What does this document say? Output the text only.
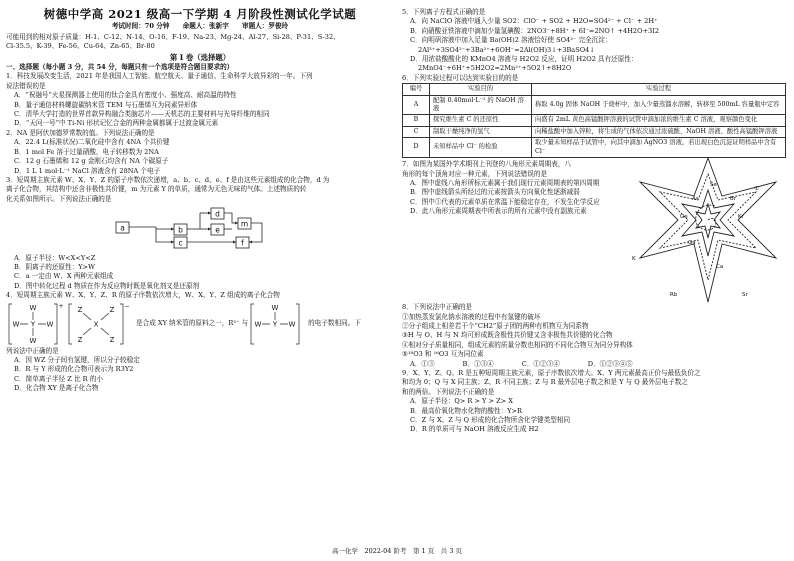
树德中学高 2021 级高一下学期 4 月阶段性测试化学试题
考试时间：70 分钟　　命题人：张新宇　　审题人：罗俊玲

可能用到的相对原子质量：H-1、C-12、N-14、O-16、F-19、Na-23、Mg-24、Al-27、Si-28、P-31、S-32、

Cl-35.5、K-39、Fe-56、Cu-64、Zn-65、Br-80

第 I 卷（选择题）

一、选择题（每小题 3 分，共 54 分，每题只有一个选项是符合题目要求的）

1．科技发展改变生活，2021 年是我国人工智能、航空航天、量子通信、生命科学大放异彩的一年。下列

说法错误的是

A．“祝融号”火星探测器上使用的钛合金具有密度小、强度高、耐高温的特性

B．量子通信材料螺旋碳纳米管 TEM 与石墨烯互为同素异形体

C．清华大学打造的世界首款异构融合类脑芯片——天机芯的主要材料与光导纤维的相同

D．“天问一号”中 Ti-Ni 形状记忆合金的两种金属都属于过渡金属元素

2．NA 是阿伏加德罗常数的值。下列说法正确的是

A．22.4 L(标准状况)二氧化硅中含有 4NA 个共价键

B．1 mol Fe 溶于过量硝酸，电子转移数为 2NA

C．12 g 石墨烯和 12 g 金刚石均含有 NA 个碳原子

D．1 L 1 mol·L⁻¹ NaCl 溶液含有 28NA 个电子

3．短周期主族元素 W、X、Y、Z 的原子序数依次递增，a、b、c、d、e、f 是由这些元素组成的化合物，d 为

离子化合物，其结构中还含非极性共价键，m 为元素 Y 的单质，通常为无色无味的气体。上述物质的转

化关系如图所示。下列说法正确的是

a	b
c
d
e
f
m

A．原子半径：W<X<Y<Z

B．阴离子的还原性：Y>W

C．a 一定由 W、X 两种元素组成

D．图中转化过程 d 物质在作为反应物时既是氧化剂又是还原剂

4．短周期主族元素 W、X、Y、Z、R 的原子序数依次增大，W、X、Y、Z 组成的离子化合物

W
W Y W
W
+ Z	Z
X
Z	Z
−
是合成 XY 纳米管的原料之一，R²⁻ 与
W
W Y W 的电子数相同。下

列说法中正确的是

A．因 WZ 分子间有氢键，所以分子较稳定

B．R 与 Y 形成的化合物可表示为 R3Y2

C．简单离子半径 Z 比 R 的小

D．化合物 XY 是离子化合物

5．下列离子方程式正确的是

A．向 NaClO 溶液中通入少量 SO2：ClO⁻ + SO2 + H2O=SO4²⁻ + Cl⁻ + 2H⁺

B．向硝酸亚铁溶液中滴加少量氢碘酸：2NO3⁻+8H⁺ + 6I⁻=2NO↑ +4H2O+3I2

C．向明矾溶液中加入足量 Ba(OH)2 溶液恰好使 SO4²⁻ 完全沉淀：

2Al³⁺+3SO4²⁻+3Ba²⁺+6OH⁻=2Al(OH)3↓+3BaSO4↓

D．用浓盐酸酸化的 KMnO4 溶液与 H2O2 反应，证明 H2O2 具有还原性：

2MnO4⁻+6H⁺+5H2O2=2Mn²⁺+5O2↑+8H2O

6．下列实验过程可以达到实验目的的是

编号	实验目的	实验过程
A	配制 0.40mol·L⁻¹ 的 NaOH 溶液	称取 4.0g 固体 NaOH 于烧杯中，加入少量蒸馏水溶解，转移至 500mL 容量瓶中定容
B	探究维生素 C 的还原性	向盛有 2mL 黄色高锰酸钾溶液的试管中滴加浓的维生素 C 溶液，观察颜色变化
C	制取干燥纯净的氢气	向稀盐酸中加入锌粒，将生成的气体依次通过浓硫酸、NaOH 溶液、酸性高锰酸钾溶液
D	未知样品中 Cl⁻ 的检验	取少量未知样品于试管中，向其中滴加 AgNO3 溶液，若出现白色沉淀证明样品中含有 Cl⁻

7．如图为某国外学术期刊上刊登的八角形元素周期表，八

角形的每个顶角对应一种元素，下列说法错误的是

A．图中虚线八角形所标元素属于我们现行元素周期表的第四周期

B．图中虚线箭头所经过的元素按箭头方向氧化性逐渐减弱

C．图中①代表的元素单质在常温下能稳定存在，不发生化学反应

D．此八角形元素周期表中所表示的所有元素中没有副族元素

Se
Br
Kr
As
Ge
Ga
K
Ca
Rb	Sr
①

8．下列说法中正确的是

①加热蒸发氯化钠水溶液的过程中有氢键的破坏

②分子组成上相差若干个“CH2”原子团的两种有机物互为同系物

③H 与 O、H 与 N 均可形成既含极性共价键又含非极性共价键的化合物

④相对分子质量相同，组成元素的质量分数也相同的不同化合物互为同分异构体

⑤¹⁸O3 和 ¹⁶O3 互为同位素

A．①③	B．①③④	C．①②③④	D．①②③④⑤

9．X、Y、Z、Q、R 是五种短周期主族元素，原子序数依次增大。X、Y 两元素最高正价与最低负价之

和均为 0；Q 与 X 同主族；Z、R 不同主族；Z 与 R 最外层电子数之和是 Y 与 Q 最外层电子数之

和的两倍。下列说法不正确的是

A．原子半径：Q> R > Y > Z> X

B．最高价氧化物水化物的酸性：Y>R

C．Z 与 X、Z 与 Q 形成的化合物所含化学键类型相同

D．R 的单质可与 NaOH 溶液反应生成 H2

高一化学　2022-04 阶考　第 1 页　共 3 页
